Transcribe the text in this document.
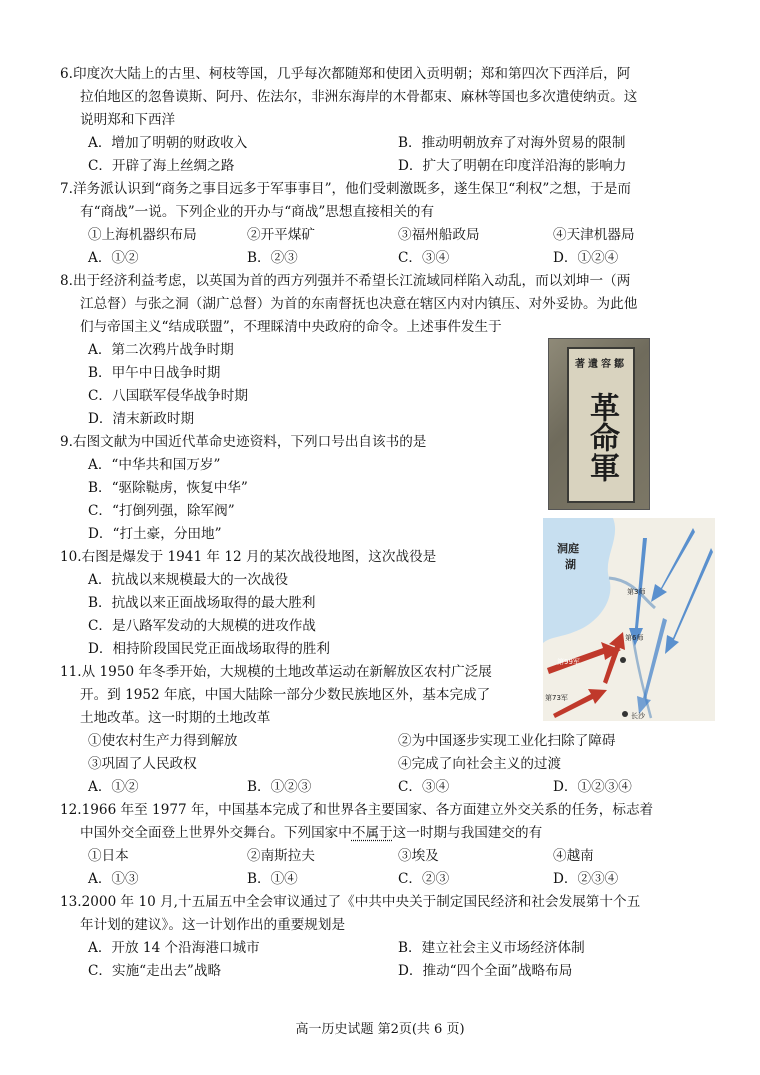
6.印度次大陆上的古里、柯枝等国，几乎每次都随郑和使团入贡明朝；郑和第四次下西洋后，阿
拉伯地区的忽鲁谟斯、阿丹、佐法尔，非洲东海岸的木骨都束、麻林等国也多次遣使纳贡。这
说明郑和下西洋
A．增加了明朝的财政收入	B．推动明朝放弃了对海外贸易的限制
C．开辟了海上丝绸之路	D．扩大了明朝在印度洋沿海的影响力
7.洋务派认识到“商务之事目远多于军事事目”，他们受刺激既多，遂生保卫“利权”之想，于是而
有“商战”一说。下列企业的开办与“商战”思想直接相关的有
①上海机器织布局	②开平煤矿	③福州船政局	④天津机器局
A．①②	B．②③	C．③④	D．①②④
8.出于经济利益考虑，以英国为首的西方列强并不希望长江流域同样陷入动乱，而以刘坤一（两
江总督）与张之洞（湖广总督）为首的东南督抚也决意在辖区内对内镇压、对外妥协。为此他
们与帝国主义“结成联盟”，不理睬清中央政府的命令。上述事件发生于
A．第二次鸦片战争时期
B．甲午中日战争时期
C．八国联军侵华战争时期
D．清末新政时期
著遺容鄒
革命軍
9.右图文献为中国近代革命史迹资料，下列口号出自该书的是
A．“中华共和国万岁”
B．“驱除鞑虏，恢复中华”
C．“打倒列强，除军阀”
D．“打土豪，分田地”
洞庭
湖
长沙
第99军
第73军
第6师
第3师
10.右图是爆发于 1941 年 12 月的某次战役地图，这次战役是
A．抗战以来规模最大的一次战役
B．抗战以来正面战场取得的最大胜利
C．是八路军发动的大规模的进攻作战
D．相持阶段国民党正面战场取得的胜利
11.从 1950 年冬季开始，大规模的土地改革运动在新解放区农村广泛展
开。到 1952 年底，中国大陆除一部分少数民族地区外，基本完成了
土地改革。这一时期的土地改革
①使农村生产力得到解放	②为中国逐步实现工业化扫除了障碍
③巩固了人民政权	④完成了向社会主义的过渡
A．①②	B．①②③	C．③④	D．①②③④
12.1966 年至 1977 年，中国基本完成了和世界各主要国家、各方面建立外交关系的任务，标志着
中国外交全面登上世界外交舞台。下列国家中不属于这一时期与我国建交的有
①日本	②南斯拉夫	③埃及	④越南
A．①③	B．①④	C．②③	D．②③④
13.2000 年 10 月,十五届五中全会审议通过了《中共中央关于制定国民经济和社会发展第十个五
年计划的建议》。这一计划作出的重要规划是
A．开放 14 个沿海港口城市	B．建立社会主义市场经济体制
C．实施“走出去”战略	D．推动“四个全面”战略布局
高一历史试题 第2页(共 6 页)
